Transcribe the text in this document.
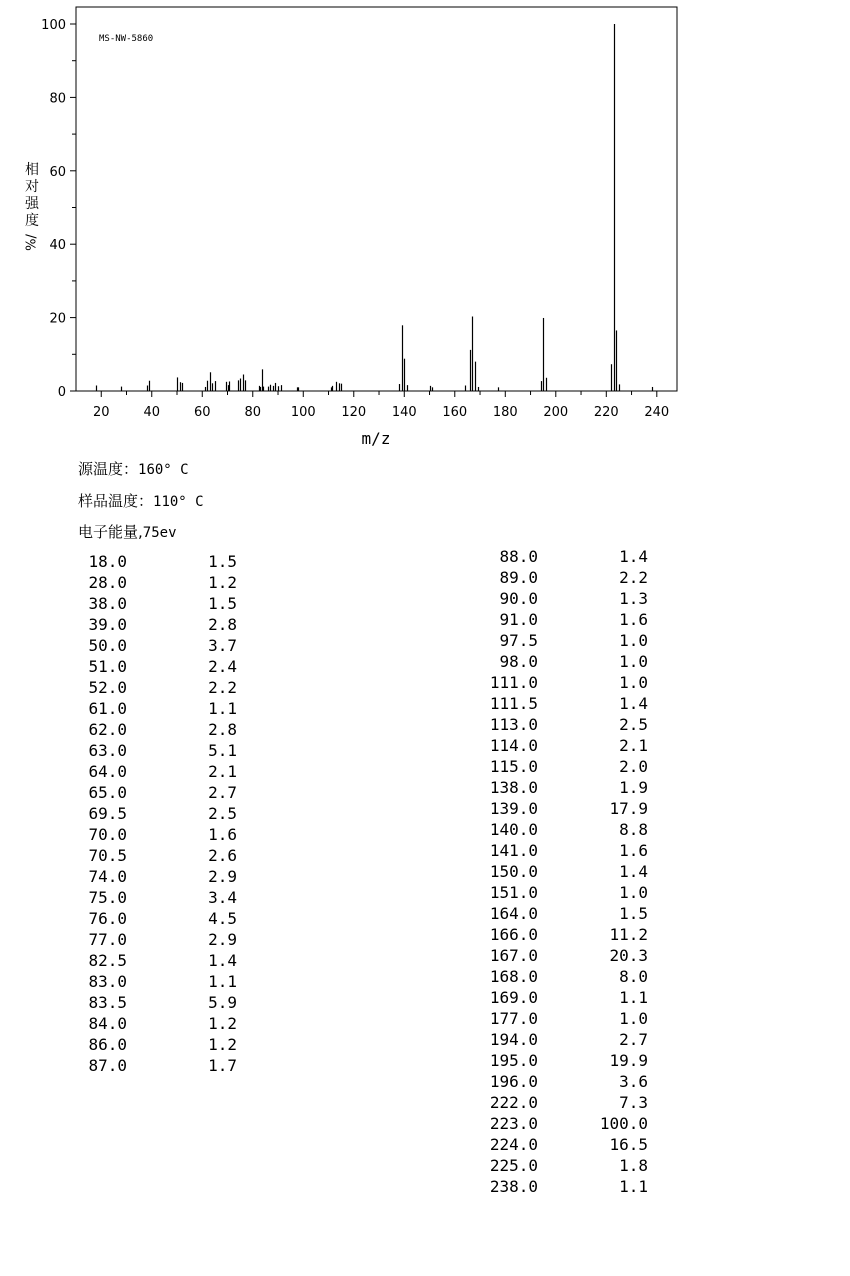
0
20
40
60
80
100
20	40	60	80 100 120 140 160 180 200 220 240
MS-NW-5860
m/z
相
对
强
度
%/
源温度：160° C
样品温度：110° C
电子能量,75ev
18.0	1.5
28.0	1.2
38.0	1.5
39.0	2.8
50.0	3.7
51.0	2.4
52.0	2.2
61.0	1.1
62.0	2.8
63.0	5.1
64.0	2.1
65.0	2.7
69.5	2.5
70.0	1.6
70.5	2.6
74.0	2.9
75.0	3.4
76.0	4.5
77.0	2.9
82.5	1.4
83.0	1.1
83.5	5.9
84.0	1.2
86.0	1.2
87.0	1.7
88.0	1.4
89.0	2.2
90.0	1.3
91.0	1.6
97.5	1.0
98.0	1.0
111.0	1.0
111.5	1.4
113.0	2.5
114.0	2.1
115.0	2.0
138.0	1.9
139.0	17.9
140.0	8.8
141.0	1.6
150.0	1.4
151.0	1.0
164.0	1.5
166.0	11.2
167.0	20.3
168.0	8.0
169.0	1.1
177.0	1.0
194.0	2.7
195.0	19.9
196.0	3.6
222.0	7.3
223.0	100.0
224.0	16.5
225.0	1.8
238.0	1.1
